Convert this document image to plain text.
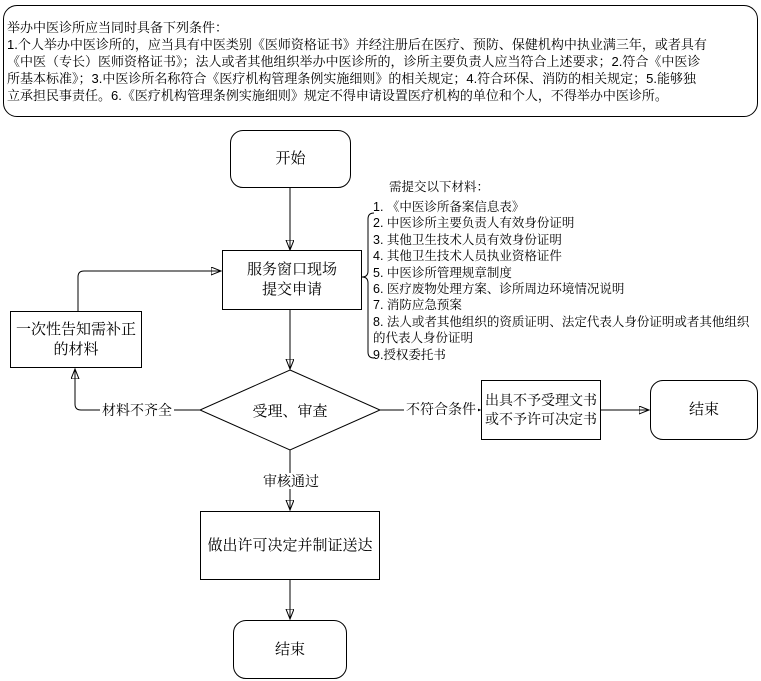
举办中医诊所应当同时具备下列条件：
1.个人举办中医诊所的，应当具有中医类别《医师资格证书》并经注册后在医疗、预防、保健机构中执业满三年，或者具有
《中医（专长）医师资格证书》；法人或者其他组织举办中医诊所的，诊所主要负责人应当符合上述要求；2.符合《中医诊
所基本标准》；3.中医诊所名称符合《医疗机构管理条例实施细则》的相关规定；4.符合环保、消防的相关规定；5.能够独
立承担民事责任。6.《医疗机构管理条例实施细则》规定不得申请设置医疗机构的单位和个人，不得举办中医诊所。
开始
服务窗口现场
提交申请
一次性告知需补正
的材料
受理、审查
出具不予受理文书
或不予许可决定书
结束
做出许可决定并制证送达
结束
材料不齐全	不符合条件
审核通过
需提交以下材料：
1. 《中医诊所备案信息表》
2. 中医诊所主要负责人有效身份证明
3. 其他卫生技术人员有效身份证明
4. 其他卫生技术人员执业资格证件
5. 中医诊所管理规章制度
6. 医疗废物处理方案、诊所周边环境情况说明
7. 消防应急预案
8. 法人或者其他组织的资质证明、法定代表人身份证明或者其他组织的代表人身份证明
9.授权委托书
